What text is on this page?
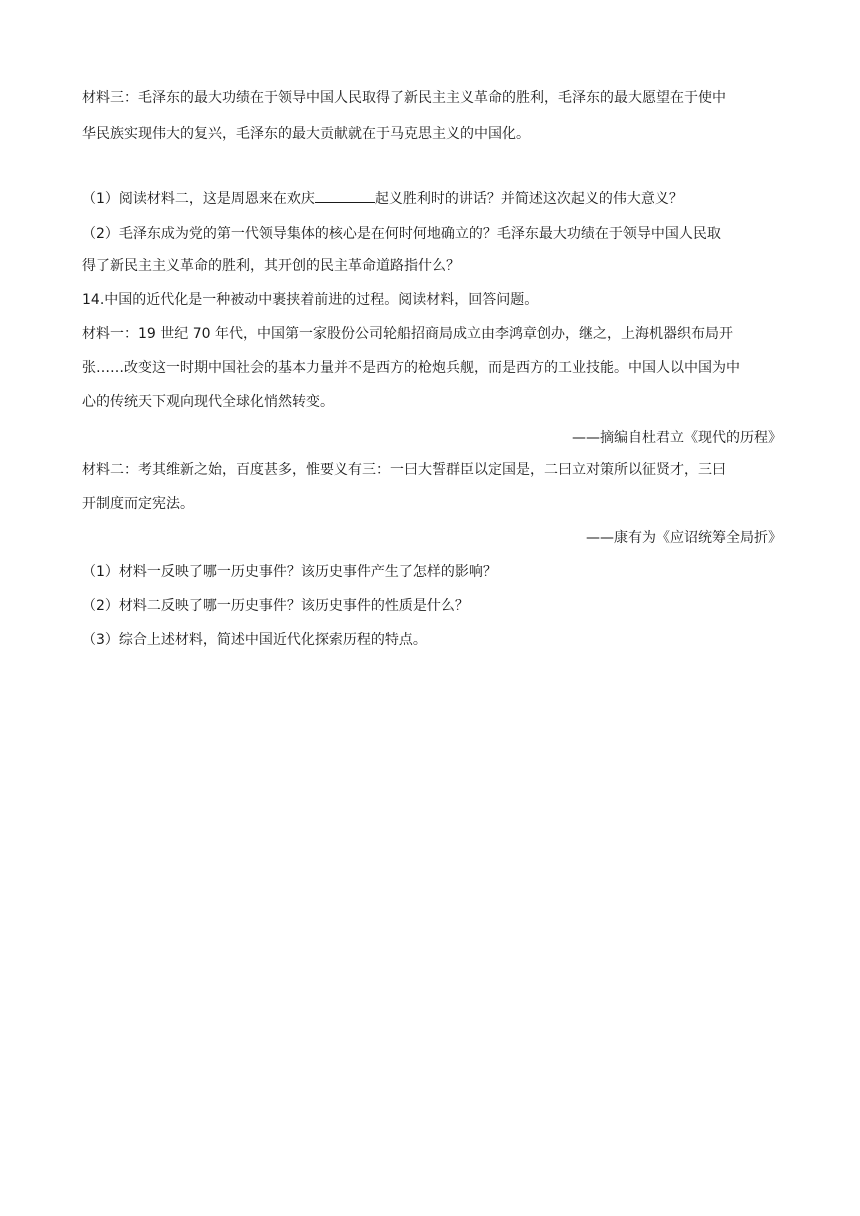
材料三：毛泽东的最大功绩在于领导中国人民取得了新民主主义革命的胜利，毛泽东的最大愿望在于使中
华民族实现伟大的复兴，毛泽东的最大贡献就在于马克思主义的中国化。
（1）阅读材料二，这是周恩来在欢庆	起义胜利时的讲话？并简述这次起义的伟大意义？
（2）毛泽东成为党的第一代领导集体的核心是在何时何地确立的？毛泽东最大功绩在于领导中国人民取
得了新民主主义革命的胜利，其开创的民主革命道路指什么？
14.中国的近代化是一种被动中裹挟着前进的过程。阅读材料，回答问题。
材料一：19 世纪 70 年代，中国第一家股份公司轮船招商局成立由李鸿章创办，继之，上海机器织布局开
张……改变这一时期中国社会的基本力量并不是西方的枪炮兵舰，而是西方的工业技能。中国人以中国为中
心的传统天下观向现代全球化悄然转变。
——摘编自杜君立《现代的历程》
材料二：考其维新之始，百度甚多，惟要义有三：一曰大誓群臣以定国是，二曰立对策所以征贤才，三曰
开制度而定宪法。
——康有为《应诏统筹全局折》
（1）材料一反映了哪一历史事件？该历史事件产生了怎样的影响？
（2）材料二反映了哪一历史事件？该历史事件的性质是什么？
（3）综合上述材料，简述中国近代化探索历程的特点。
